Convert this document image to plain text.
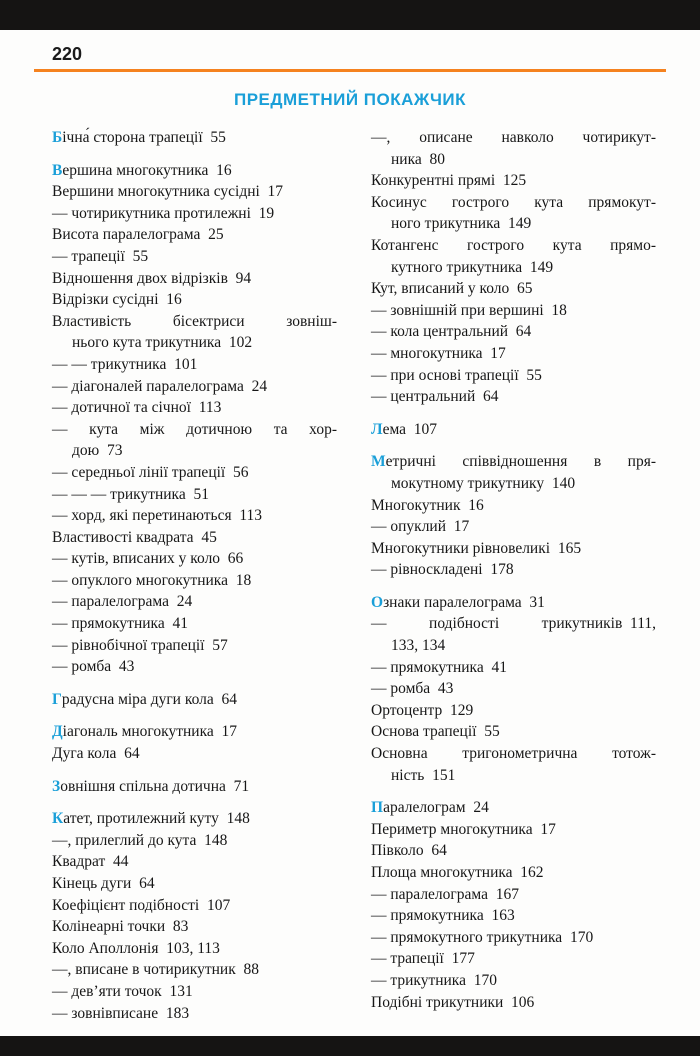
220
ПРЕДМЕТНИЙ ПОКАЖЧИК
Бічна́ сторона трапеції 55
Вершина многокутника 16
Вершини многокутника сусідні 17
— чотирикутника протилежні 19
Висота паралелограма 25
— трапеції 55
Відношення двох відрізків 94
Відрізки сусідні 16
Властивість бісектриси зовніш-
нього кута трикутника 102
— — трикутника 101
— діагоналей паралелограма 24
— дотичної та січної 113
— кута між дотичною та хор-
дою 73
— середньої лінії трапеції 56
— — — трикутника 51
— хорд, які перетинаються 113
Властивості квадрата 45
— кутів, вписаних у коло 66
— опуклого многокутника 18
— паралелограма 24
— прямокутника 41
— рівнобічної трапеції 57
— ромба 43
Градусна міра дуги кола 64
Діагональ многокутника 17
Дуга кола 64
Зовнішня спільна дотична 71
Катет, протилежний куту 148
—, прилеглий до кута 148
Квадрат 44
Кінець дуги 64
Коефіцієнт подібності 107
Колінеарні точки 83
Коло Аполлонія 103, 113
—, вписане в чотирикутник 88
— дев’яти точок 131
— зовнівписане 183
—, описане навколо чотирикут-
ника 80
Конкурентні прямі 125
Косинус гострого кута прямокут-
ного трикутника 149
Котангенс гострого кута прямо-
кутного трикутника 149
Кут, вписаний у коло 65
— зовнішній при вершині 18
— кола центральний 64
— многокутника 17
— при основі трапеції 55
— центральний 64
Лема 107
Метричні співвідношення в пря-
мокутному трикутнику 140
Многокутник 16
— опуклий 17
Многокутники рівновеликі 165
— рівноскладені 178
Ознаки паралелограма 31
— подібності трикутників 111,
133, 134
— прямокутника 41
— ромба 43
Ортоцентр 129
Основа трапеції 55
Основна тригонометрична тотож-
ність 151
Паралелограм 24
Периметр многокутника 17
Півколо 64
Площа многокутника 162
— паралелограма 167
— прямокутника 163
— прямокутного трикутника 170
— трапеції 177
— трикутника 170
Подібні трикутники 106
